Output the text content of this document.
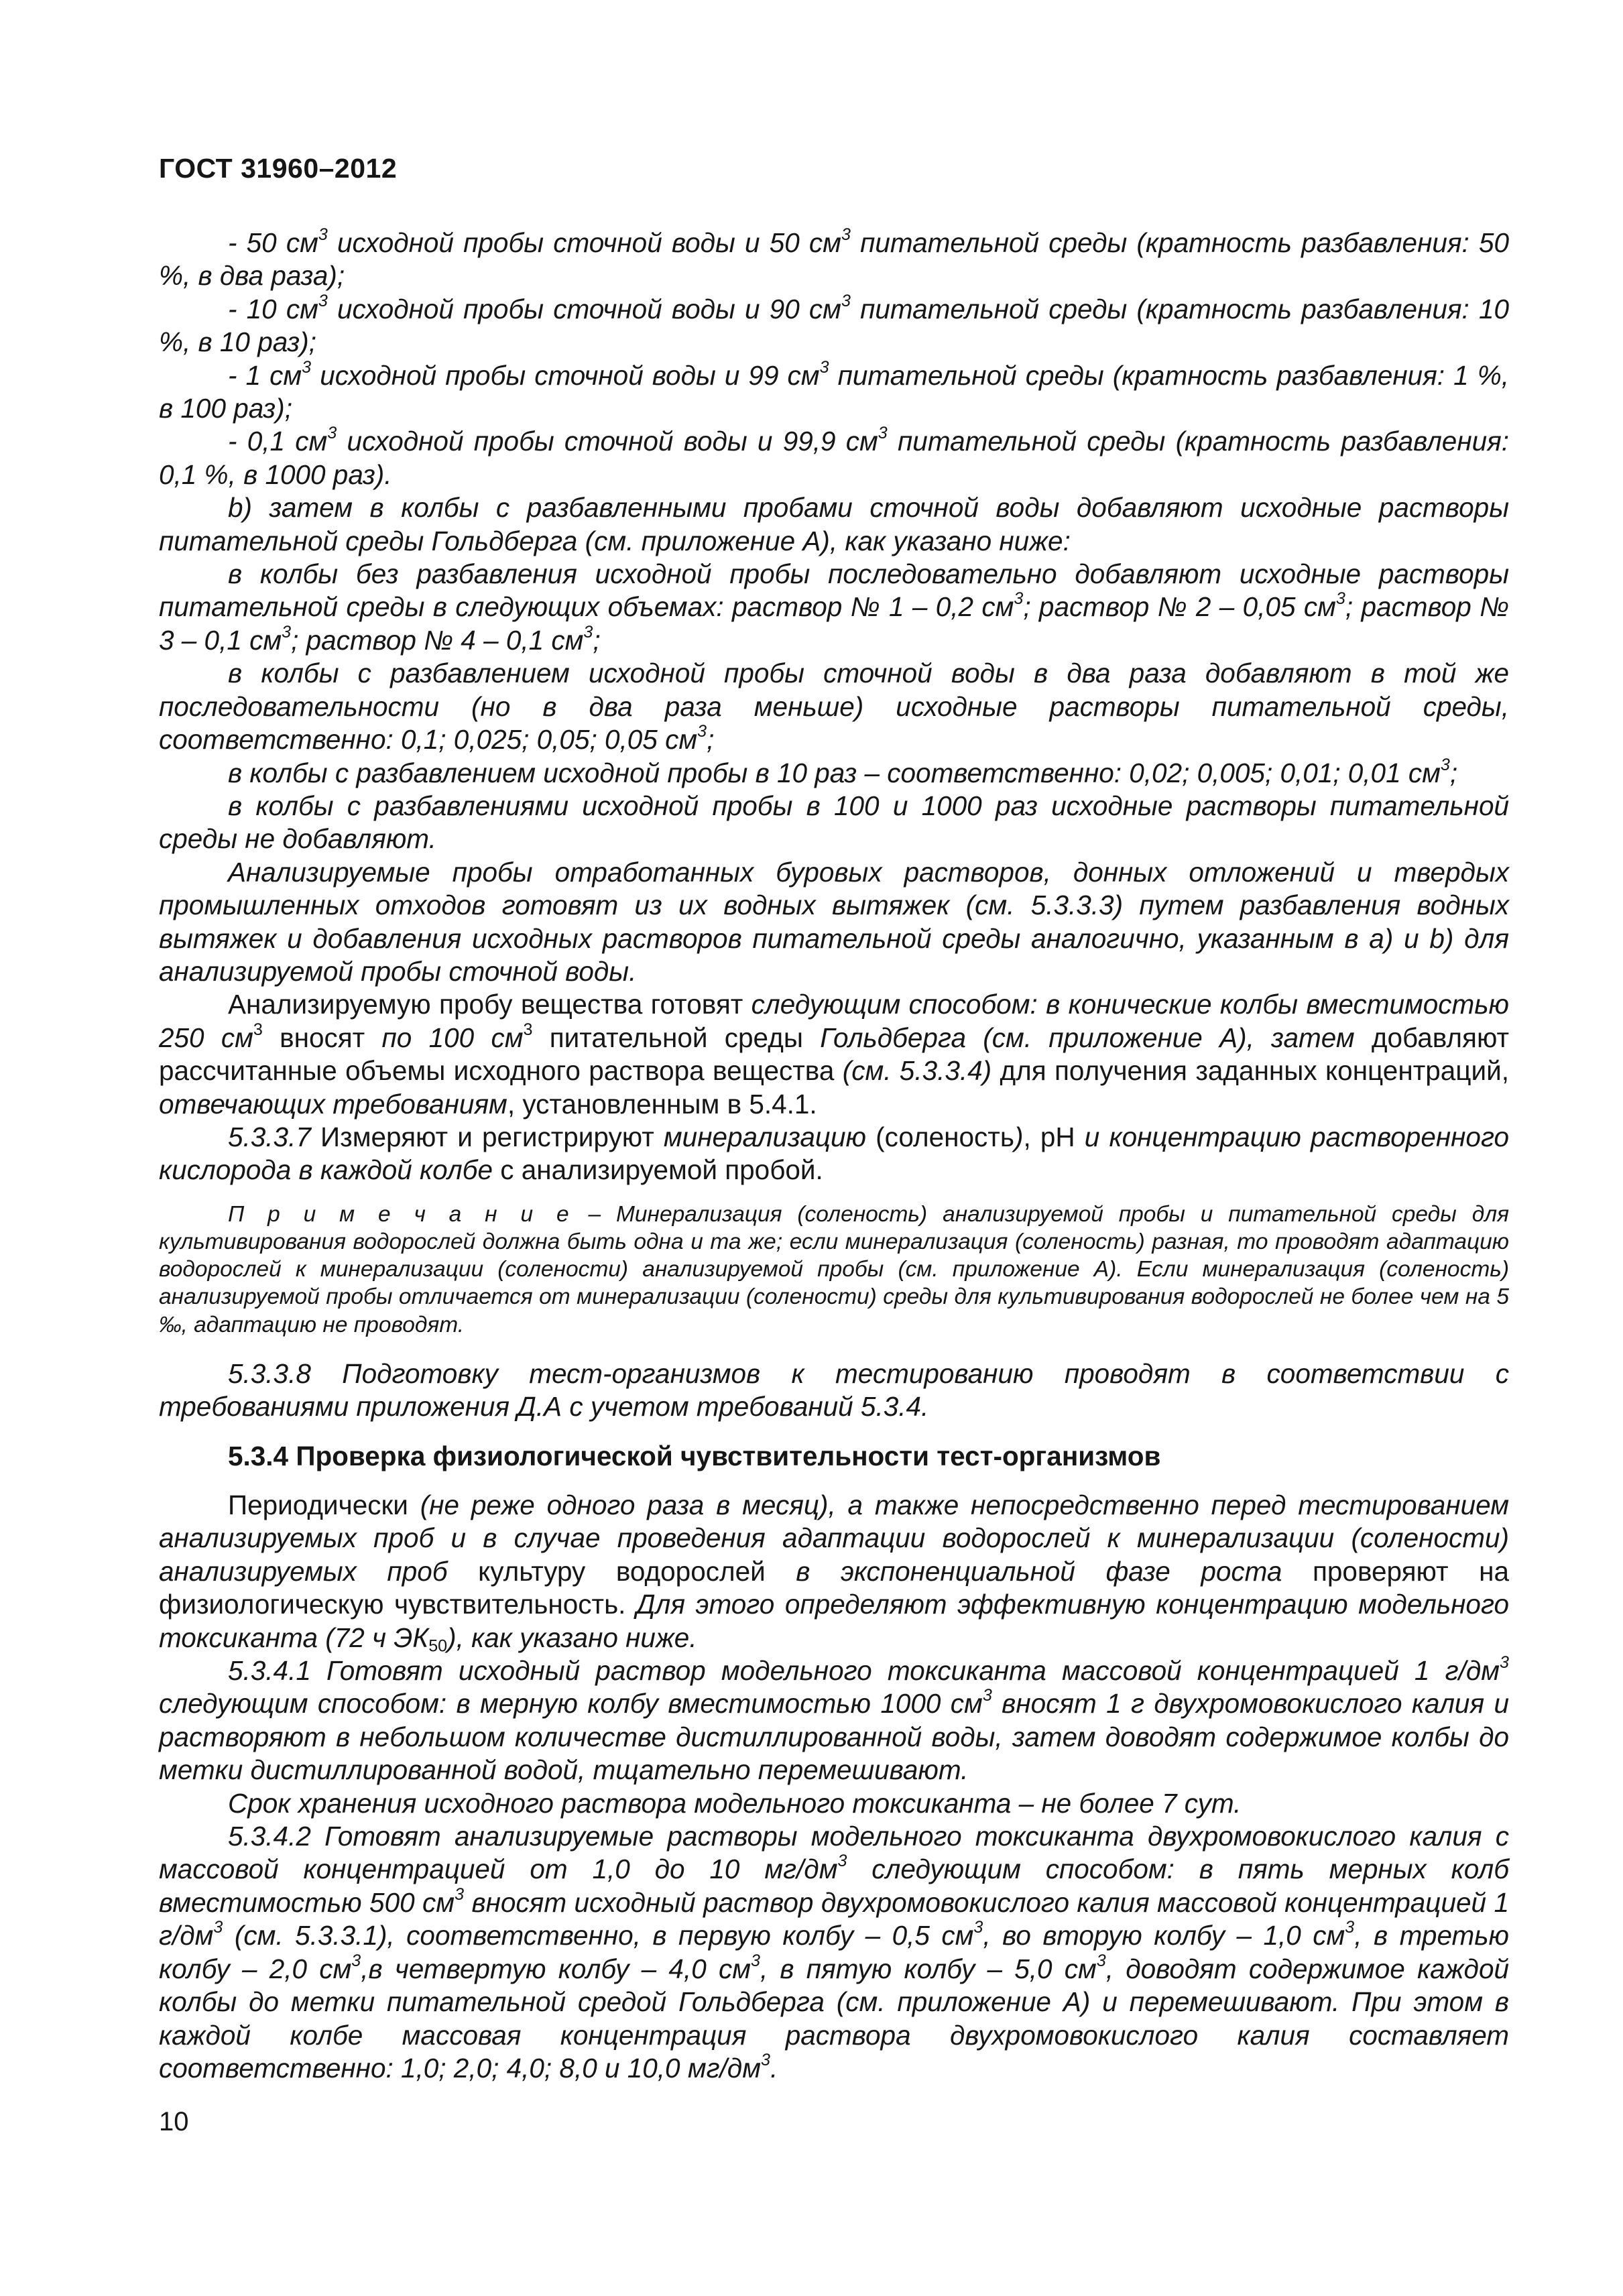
ГОСТ 31960–2012

- 50 $см^3$ исходной пробы сточной воды и 50 $см^3$ питательной среды (кратность разбавления: 50 %, в два раза);

- 10 $см^3$ исходной пробы сточной воды и 90 $см^3$ питательной среды (кратность разбавления: 10 %, в 10 раз);

- 1 $см^3$ исходной пробы сточной воды и 99 $см^3$ питательной среды (кратность разбавления: 1 %, в 100 раз);

- 0,1 $см^3$ исходной пробы сточной воды и 99,9 $см^3$ питательной среды (кратность разбавления: 0,1 %, в 1000 раз).

b) затем в колбы с разбавленными пробами сточной воды добавляют исходные растворы питательной среды Гольдберга (см. приложение А), как указано ниже:

в колбы без разбавления исходной пробы последовательно добавляют исходные растворы питательной среды в следующих объемах: раствор № 1 – 0,2 $см^3$; раствор № 2 – 0,05 $см^3$; раствор № 3 – 0,1 $см^3$; раствор № 4 – 0,1 $см^3$;

в колбы с разбавлением исходной пробы сточной воды в два раза добавляют в той же последовательности (но в два раза меньше) исходные растворы питательной среды, соответственно: 0,1; 0,025; 0,05; 0,05 $см^3$;

в колбы с разбавлением исходной пробы в 10 раз – соответственно: 0,02; 0,005; 0,01; 0,01 $см^3$;

в колбы с разбавлениями исходной пробы в 100 и 1000 раз исходные растворы питательной среды не добавляют.

Анализируемые пробы отработанных буровых растворов, донных отложений и твердых промышленных отходов готовят из их водных вытяжек (см. 5.3.3.3) путем разбавления водных вытяжек и добавления исходных растворов питательной среды аналогично, указанным в а) и b) для анализируемой пробы сточной воды.

Анализируемую пробу вещества готовят следующим способом: в конические колбы вместимостью 250 $см^3$ вносят по 100 $см^3$ питательной среды Гольдберга (см. приложение А), затем добавляют рассчитанные объемы исходного раствора вещества (см. 5.3.3.4) для получения заданных концентраций, отвечающих требованиям, установленным в 5.4.1.

5.3.3.7 Измеряют и регистрируют минерализацию (соленость), pH и концентрацию растворенного кислорода в каждой колбе с анализируемой пробой.

П р и м е ч а н и е – Минерализация (соленость) анализируемой пробы и питательной среды для культивирования водорослей должна быть одна и та же; если минерализация (соленость) разная, то проводят адаптацию водорослей к минерализации (солености) анализируемой пробы (см. приложение А). Если минерализация (соленость) анализируемой пробы отличается от минерализации (солености) среды для культивирования водорослей не более чем на 5 ‰, адаптацию не проводят.

5.3.3.8 Подготовку тест-организмов к тестированию проводят в соответствии с требованиями приложения Д.А с учетом требований 5.3.4.

5.3.4 Проверка физиологической чувствительности тест-организмов

Периодически (не реже одного раза в месяц), а также непосредственно перед тестированием анализируемых проб и в случае проведения адаптации водорослей к минерализации (солености) анализируемых проб культуру водорослей в экспоненциальной фазе роста проверяют на физиологическую чувствительность. Для этого определяют эффективную концентрацию модельного токсиканта (72 ч $ЭК_{50}$), как указано ниже.

5.3.4.1 Готовят исходный раствор модельного токсиканта массовой концентрацией 1 $г/дм^3$ следующим способом: в мерную колбу вместимостью 1000 $см^3$ вносят 1 г двухромовокислого калия и растворяют в небольшом количестве дистиллированной воды, затем доводят содержимое колбы до метки дистиллированной водой, тщательно перемешивают.

Срок хранения исходного раствора модельного токсиканта – не более 7 сут.

5.3.4.2 Готовят анализируемые растворы модельного токсиканта двухромовокислого калия с массовой концентрацией от 1,0 до 10 $мг/дм^3$ следующим способом: в пять мерных колб вместимостью 500 $см^3$ вносят исходный раствор двухромовокислого калия массовой концентрацией 1 $г/дм^3$ (см. 5.3.3.1), соответственно, в первую колбу – 0,5 $см^3$, во вторую колбу – 1,0 $см^3$, в третью колбу – 2,0 $см^3,в$ четвертую колбу – 4,0 $см^3$, в пятую колбу – 5,0 $см^3$, доводят содержимое каждой колбы до метки питательной средой Гольдберга (см. приложение А) и перемешивают. При этом в каждой колбе массовая концентрация раствора двухромовокислого калия составляет соответственно: 1,0; 2,0; 4,0; 8,0 и 10,0 $мг/дм^3$.

10
